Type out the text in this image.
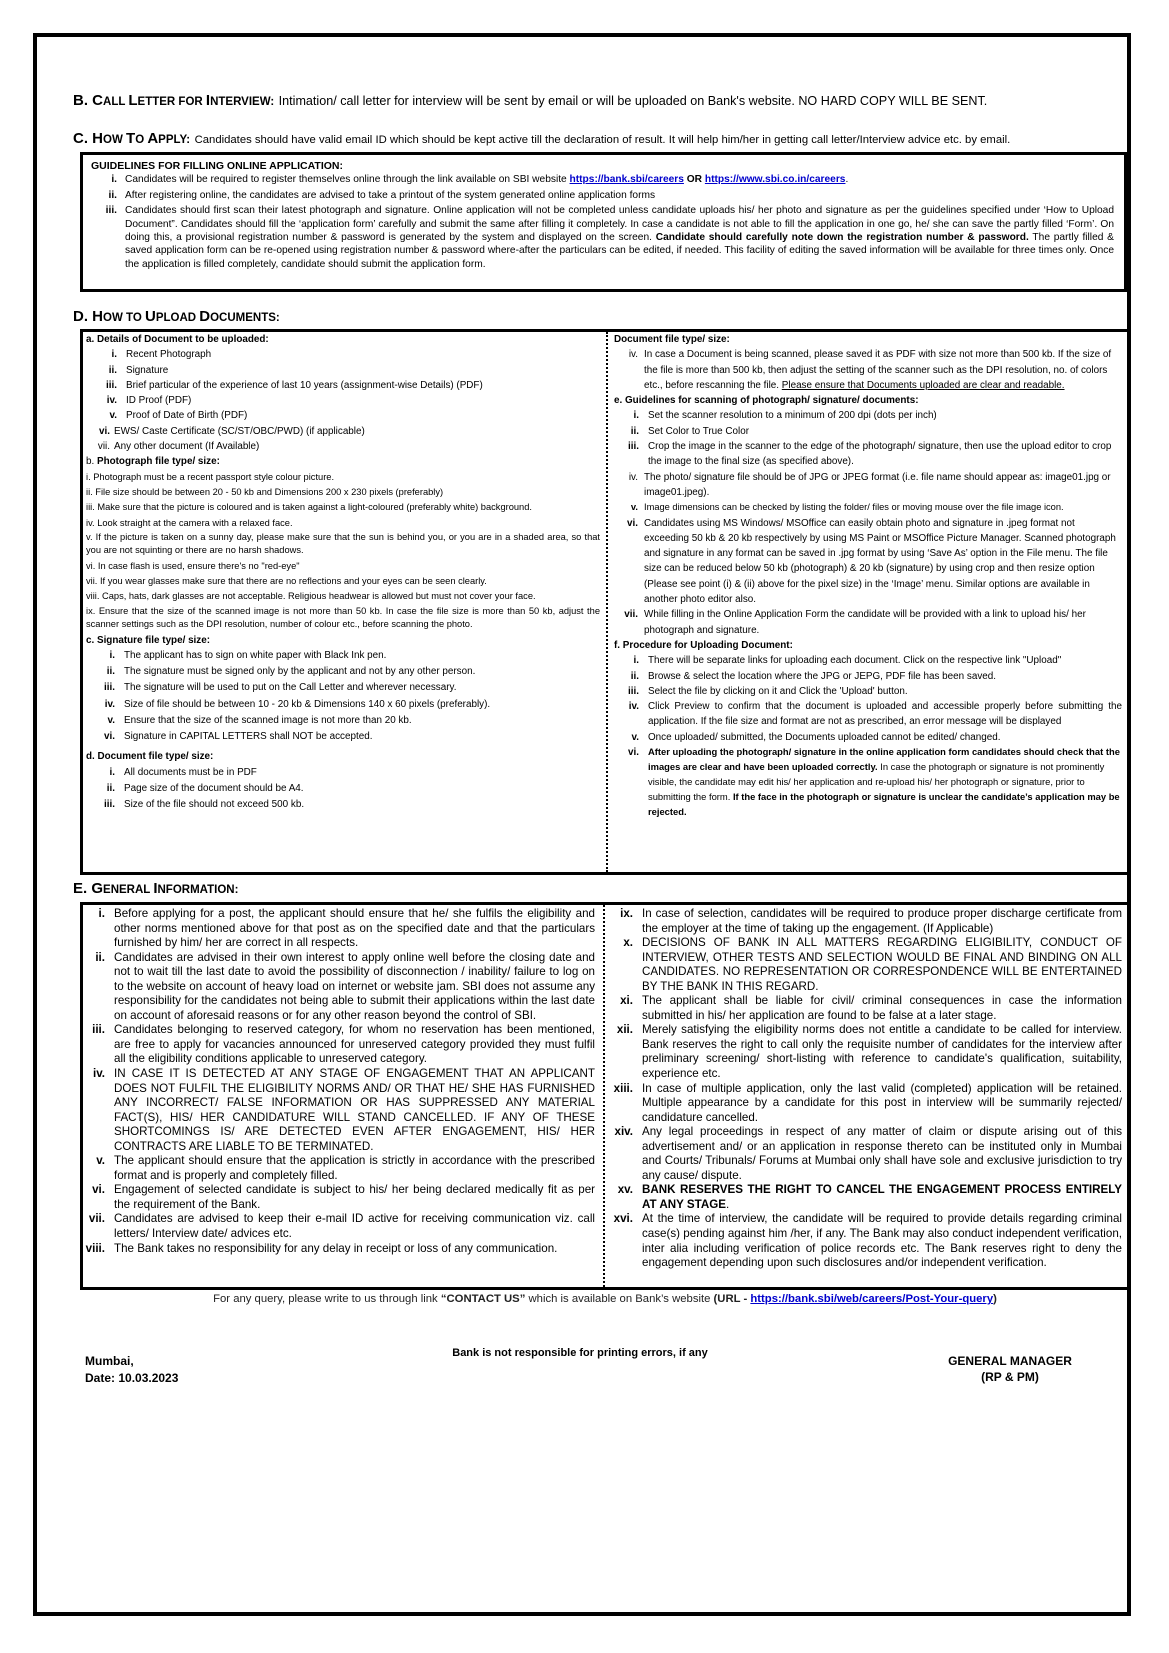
B. CALL LETTER FOR INTERVIEW: Intimation/ call letter for interview will be sent by email or will be uploaded on Bank's website. NO HARD COPY WILL BE SENT.
C. HOW TO APPLY: Candidates should have valid email ID which should be kept active till the declaration of result. It will help him/her in getting call letter/Interview advice etc. by email.
GUIDELINES FOR FILLING ONLINE APPLICATION:
i. Candidates will be required to register themselves online through the link available on SBI website https://bank.sbi/careers OR https://www.sbi.co.in/careers.
ii. After registering online, the candidates are advised to take a printout of the system generated online application forms
iii. Candidates should first scan their latest photograph and signature. Online application will not be completed unless candidate uploads his/ her photo and signature as per the guidelines specified under ‘How to Upload Document”. Candidates should fill the ‘application form’ carefully and submit the same after filling it completely. In case a candidate is not able to fill the application in one go, he/ she can save the partly filled ‘Form’. On doing this, a provisional registration number & password is generated by the system and displayed on the screen. Candidate should carefully note down the registration number & password. The partly filled & saved application form can be re-opened using registration number & password where-after the particulars can be edited, if needed. This facility of editing the saved information will be available for three times only. Once the application is filled completely, candidate should submit the application form.
D. HOW TO UPLOAD DOCUMENTS:
a. Details of Document to be uploaded:
i. Recent Photograph
ii. Signature
iii. Brief particular of the experience of last 10 years (assignment-wise Details) (PDF)
iv. ID Proof (PDF)
v. Proof of Date of Birth (PDF)
vi. EWS/ Caste Certificate (SC/ST/OBC/PWD) (if applicable)
vii. Any other document (If Available)
b. Photograph file type/ size:
i. Photograph must be a recent passport style colour picture.
ii. File size should be between 20 - 50 kb and Dimensions 200 x 230 pixels (preferably)
iii. Make sure that the picture is coloured and is taken against a light-coloured (preferably white) background.
iv. Look straight at the camera with a relaxed face.
v. If the picture is taken on a sunny day, please make sure that the sun is behind you, or you are in a shaded area, so that you are not squinting or there are no harsh shadows.
vi. In case flash is used, ensure there's no "red-eye"
vii. If you wear glasses make sure that there are no reflections and your eyes can be seen clearly.
viii. Caps, hats, dark glasses are not acceptable. Religious headwear is allowed but must not cover your face.
ix. Ensure that the size of the scanned image is not more than 50 kb. In case the file size is more than 50 kb, adjust the scanner settings such as the DPI resolution, number of colour etc., before scanning the photo.
c. Signature file type/ size:
i. The applicant has to sign on white paper with Black Ink pen.
ii. The signature must be signed only by the applicant and not by any other person.
iii. The signature will be used to put on the Call Letter and wherever necessary.
iv. Size of file should be between 10 - 20 kb & Dimensions 140 x 60 pixels (preferably).
v. Ensure that the size of the scanned image is not more than 20 kb.
vi. Signature in CAPITAL LETTERS shall NOT be accepted.
d. Document file type/ size:
i. All documents must be in PDF
ii. Page size of the document should be A4.
iii. Size of the file should not exceed 500 kb.
Document file type/ size:
iv. In case a Document is being scanned, please saved it as PDF with size not more than 500 kb. If the size of the file is more than 500 kb, then adjust the setting of the scanner such as the DPI resolution, no. of colors etc., before rescanning the file. Please ensure that Documents uploaded are clear and readable.
e. Guidelines for scanning of photograph/ signature/ documents:
i. Set the scanner resolution to a minimum of 200 dpi (dots per inch)
ii. Set Color to True Color
iii. Crop the image in the scanner to the edge of the photograph/ signature, then use the upload editor to crop the image to the final size (as specified above).
iv. The photo/ signature file should be of JPG or JPEG format (i.e. file name should appear as: image01.jpg or image01.jpeg).
v. Image dimensions can be checked by listing the folder/ files or moving mouse over the file image icon.
vi. Candidates using MS Windows/ MSOffice can easily obtain photo and signature in .jpeg format not exceeding 50 kb & 20 kb respectively by using MS Paint or MSOffice Picture Manager. Scanned photograph and signature in any format can be saved in .jpg format by using ‘Save As’ option in the File menu. The file size can be reduced below 50 kb (photograph) & 20 kb (signature) by using crop and then resize option (Please see point (i) & (ii) above for the pixel size) in the ‘Image’ menu. Similar options are available in another photo editor also.
vii. While filling in the Online Application Form the candidate will be provided with a link to upload his/ her photograph and signature.
f. Procedure for Uploading Document:
i. There will be separate links for uploading each document. Click on the respective link "Upload"
ii. Browse & select the location where the JPG or JEPG, PDF file has been saved.
iii. Select the file by clicking on it and Click the 'Upload' button.
iv. Click Preview to confirm that the document is uploaded and accessible properly before submitting the application. If the file size and format are not as prescribed, an error message will be displayed
v. Once uploaded/ submitted, the Documents uploaded cannot be edited/ changed.
vi. After uploading the photograph/ signature in the online application form candidates should check that the images are clear and have been uploaded correctly. In case the photograph or signature is not prominently visible, the candidate may edit his/ her application and re-upload his/ her photograph or signature, prior to submitting the form. If the face in the photograph or signature is unclear the candidate’s application may be rejected.
E. GENERAL INFORMATION:
i. Before applying for a post, the applicant should ensure that he/ she fulfils the eligibility and other norms mentioned above for that post as on the specified date and that the particulars furnished by him/ her are correct in all respects.
ii. Candidates are advised in their own interest to apply online well before the closing date and not to wait till the last date to avoid the possibility of disconnection / inability/ failure to log on to the website on account of heavy load on internet or website jam. SBI does not assume any responsibility for the candidates not being able to submit their applications within the last date on account of aforesaid reasons or for any other reason beyond the control of SBI.
iii. Candidates belonging to reserved category, for whom no reservation has been mentioned, are free to apply for vacancies announced for unreserved category provided they must fulfil all the eligibility conditions applicable to unreserved category.
iv. IN CASE IT IS DETECTED AT ANY STAGE OF ENGAGEMENT THAT AN APPLICANT DOES NOT FULFIL THE ELIGIBILITY NORMS AND/ OR THAT HE/ SHE HAS FURNISHED ANY INCORRECT/ FALSE INFORMATION OR HAS SUPPRESSED ANY MATERIAL FACT(S), HIS/ HER CANDIDATURE WILL STAND CANCELLED. IF ANY OF THESE SHORTCOMINGS IS/ ARE DETECTED EVEN AFTER ENGAGEMENT, HIS/ HER CONTRACTS ARE LIABLE TO BE TERMINATED.
v. The applicant should ensure that the application is strictly in accordance with the prescribed format and is properly and completely filled.
vi. Engagement of selected candidate is subject to his/ her being declared medically fit as per the requirement of the Bank.
vii. Candidates are advised to keep their e-mail ID active for receiving communication viz. call letters/ Interview date/ advices etc.
viii. The Bank takes no responsibility for any delay in receipt or loss of any communication.
ix. In case of selection, candidates will be required to produce proper discharge certificate from the employer at the time of taking up the engagement. (If Applicable)
x. DECISIONS OF BANK IN ALL MATTERS REGARDING ELIGIBILITY, CONDUCT OF INTERVIEW, OTHER TESTS AND SELECTION WOULD BE FINAL AND BINDING ON ALL CANDIDATES. NO REPRESENTATION OR CORRESPONDENCE WILL BE ENTERTAINED BY THE BANK IN THIS REGARD.
xi. The applicant shall be liable for civil/ criminal consequences in case the information submitted in his/ her application are found to be false at a later stage.
xii. Merely satisfying the eligibility norms does not entitle a candidate to be called for interview. Bank reserves the right to call only the requisite number of candidates for the interview after preliminary screening/ short-listing with reference to candidate's qualification, suitability, experience etc.
xiii. In case of multiple application, only the last valid (completed) application will be retained. Multiple appearance by a candidate for this post in interview will be summarily rejected/ candidature cancelled.
xiv. Any legal proceedings in respect of any matter of claim or dispute arising out of this advertisement and/ or an application in response thereto can be instituted only in Mumbai and Courts/ Tribunals/ Forums at Mumbai only shall have sole and exclusive jurisdiction to try any cause/ dispute.
xv. BANK RESERVES THE RIGHT TO CANCEL THE ENGAGEMENT PROCESS ENTIRELY AT ANY STAGE.
xvi. At the time of interview, the candidate will be required to provide details regarding criminal case(s) pending against him /her, if any. The Bank may also conduct independent verification, inter alia including verification of police records etc. The Bank reserves right to deny the engagement depending upon such disclosures and/or independent verification.
For any query, please write to us through link “CONTACT US” which is available on Bank’s website (URL - https://bank.sbi/web/careers/Post-Your-query)
Mumbai,
Date: 10.03.2023
Bank is not responsible for printing errors, if any
GENERAL MANAGER
(RP & PM)
